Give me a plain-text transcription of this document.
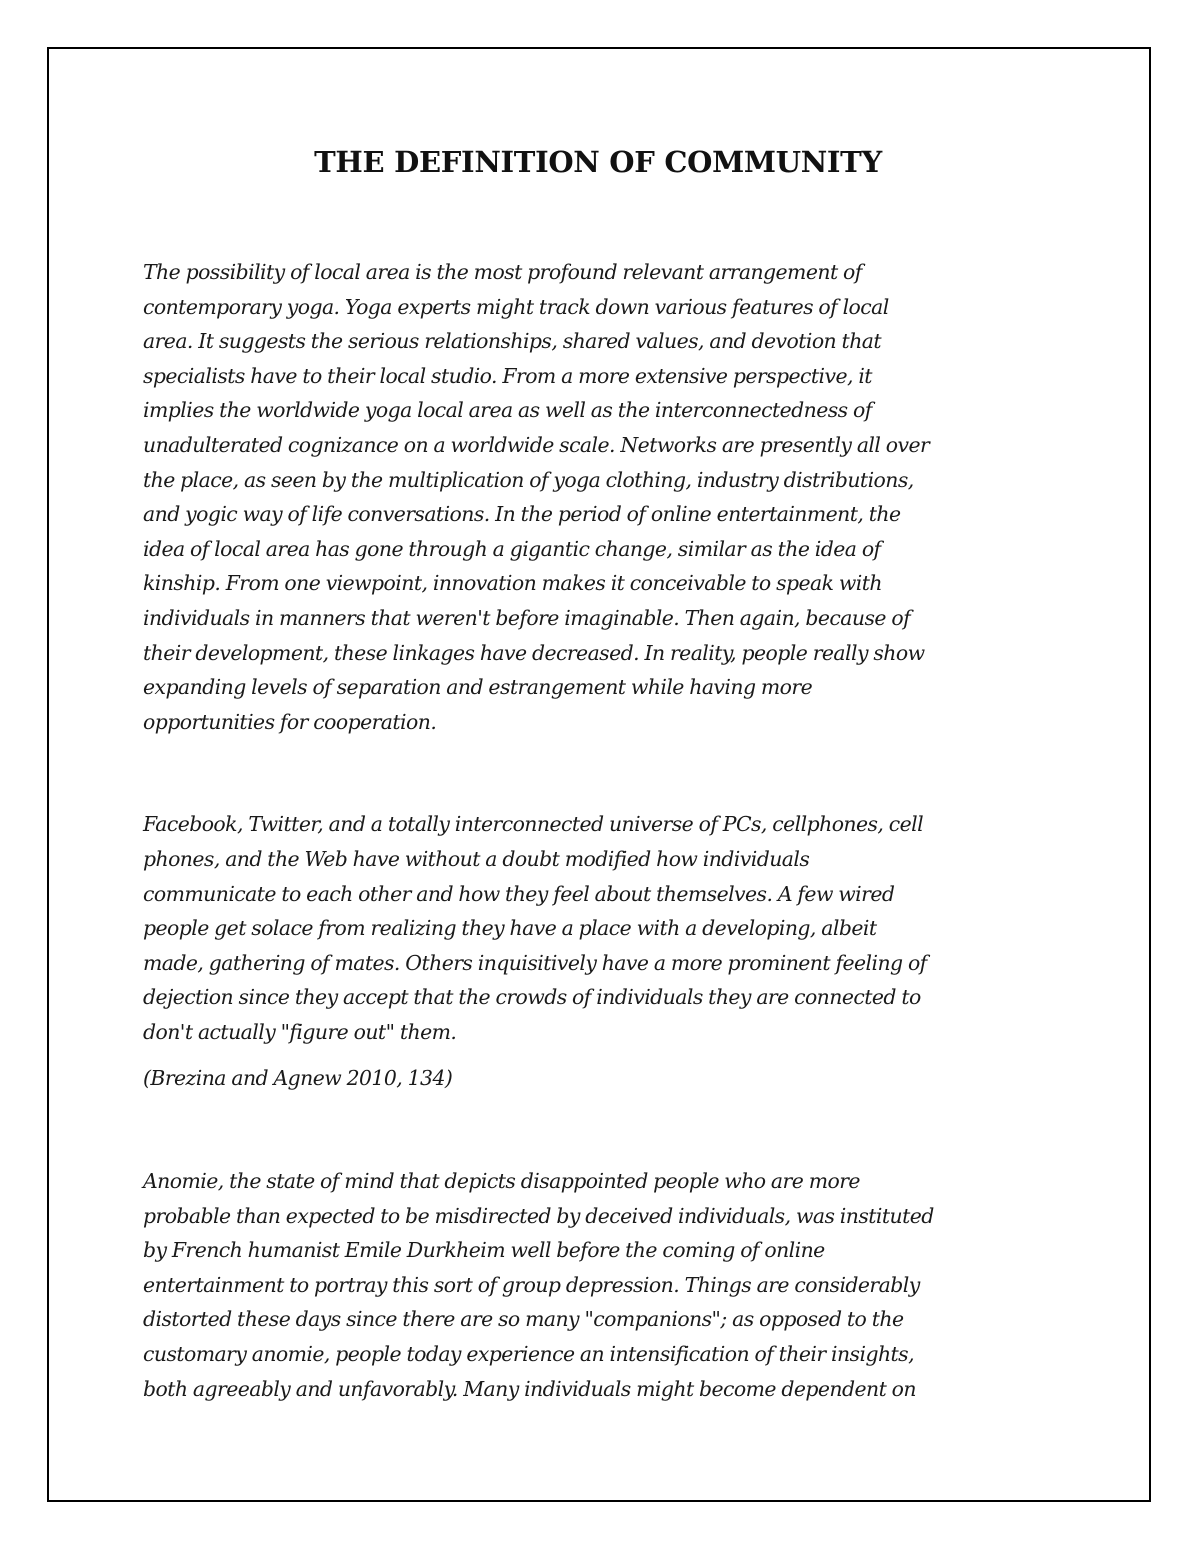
THE DEFINITION OF COMMUNITY

The possibility of local area is the most profound relevant arrangement of
contemporary yoga. Yoga experts might track down various features of local
area. It suggests the serious relationships, shared values, and devotion that
specialists have to their local studio. From a more extensive perspective, it
implies the worldwide yoga local area as well as the interconnectedness of
unadulterated cognizance on a worldwide scale. Networks are presently all over
the place, as seen by the multiplication of yoga clothing, industry distributions,
and yogic way of life conversations. In the period of online entertainment, the
idea of local area has gone through a gigantic change, similar as the idea of
kinship. From one viewpoint, innovation makes it conceivable to speak with
individuals in manners that weren't before imaginable. Then again, because of
their development, these linkages have decreased. In reality, people really show
expanding levels of separation and estrangement while having more
opportunities for cooperation.

Facebook, Twitter, and a totally interconnected universe of PCs, cellphones, cell
phones, and the Web have without a doubt modified how individuals
communicate to each other and how they feel about themselves. A few wired
people get solace from realizing they have a place with a developing, albeit
made, gathering of mates. Others inquisitively have a more prominent feeling of
dejection since they accept that the crowds of individuals they are connected to
don't actually "figure out" them.

(Brezina and Agnew 2010, 134)

Anomie, the state of mind that depicts disappointed people who are more
probable than expected to be misdirected by deceived individuals, was instituted
by French humanist Emile Durkheim well before the coming of online
entertainment to portray this sort of group depression. Things are considerably
distorted these days since there are so many "companions"; as opposed to the
customary anomie, people today experience an intensification of their insights,
both agreeably and unfavorably. Many individuals might become dependent on
